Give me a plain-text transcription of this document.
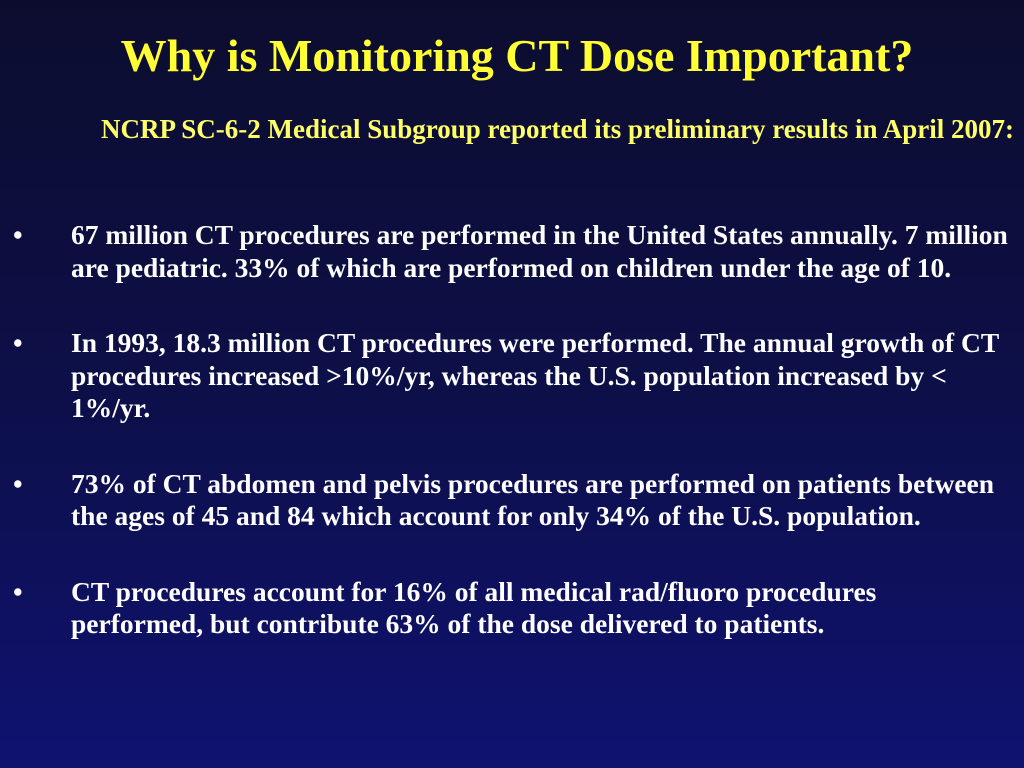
Why is Monitoring CT Dose Important?

NCRP SC-6-2 Medical Subgroup reported its preliminary results in April 2007:

•	67 million CT procedures are performed in the United States annually. 7 million are pediatric. 33% of which are performed on children under the age of 10.
•	In 1993, 18.3 million CT procedures were performed. The annual growth of CT procedures increased >10%/yr, whereas the U.S. population increased by < 1%/yr.
•	73% of CT abdomen and pelvis procedures are performed on patients between the ages of 45 and 84 which account for only 34% of the U.S. population.
•	CT procedures account for 16% of all medical rad/fluoro procedures performed, but contribute 63% of the dose delivered to patients.
